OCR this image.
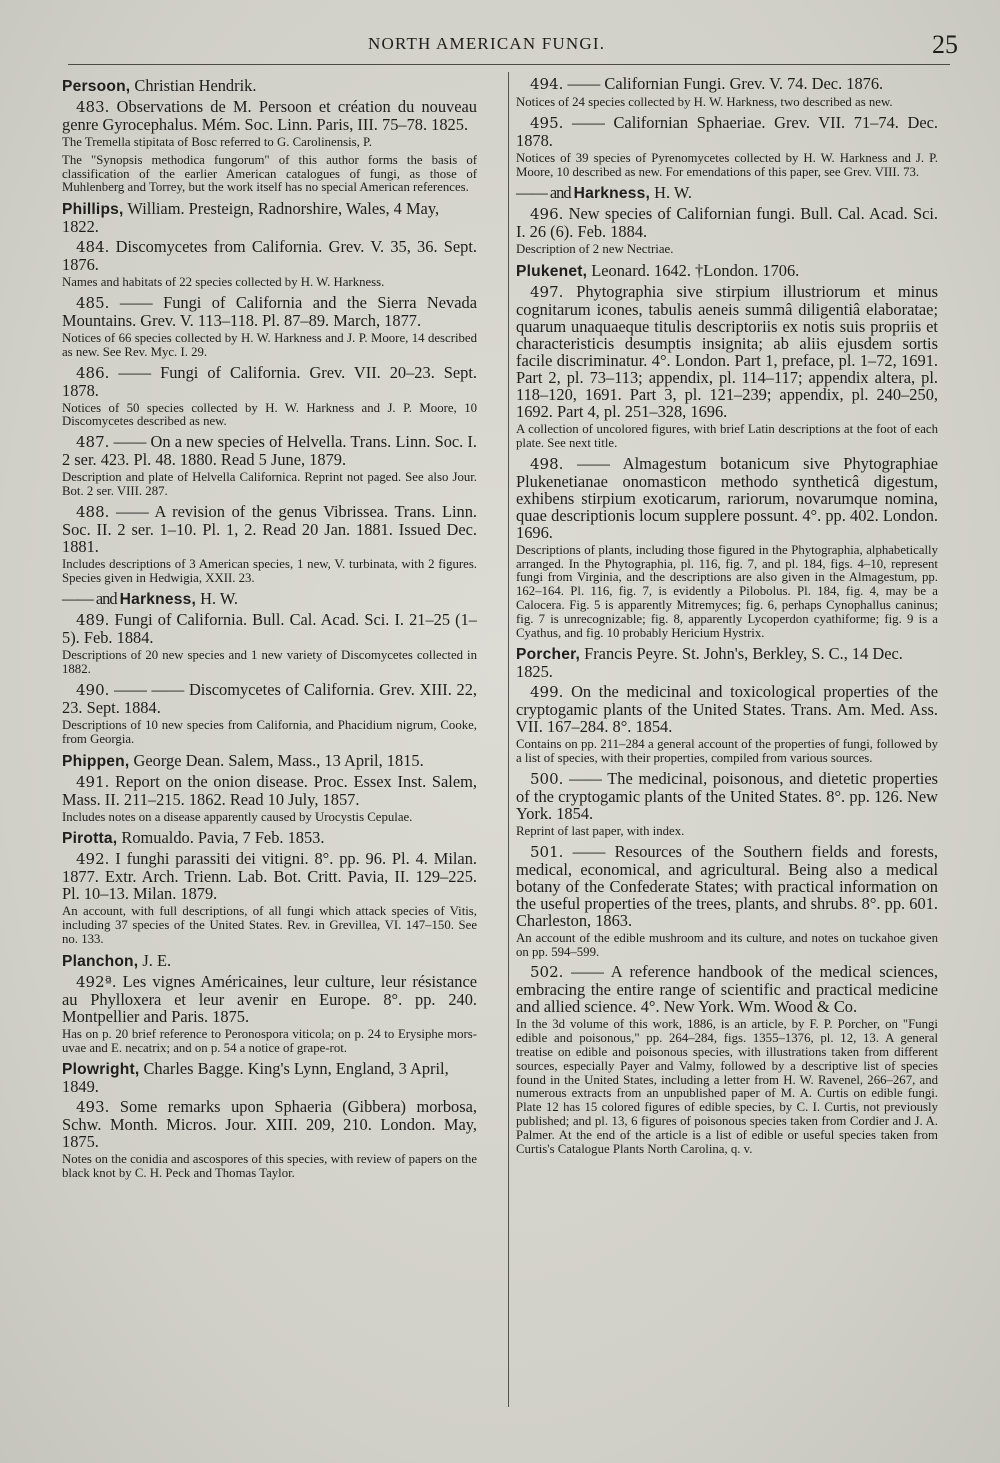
NORTH AMERICAN FUNGI.	25

Persoon, Christian Hendrik.

483. Observations de M. Persoon et création du nouveau genre Gyrocephalus. Mém. Soc. Linn. Paris, III. 75–78. 1825.

The Tremella stipitata of Bosc referred to G. Carolinensis, P.

The "Synopsis methodica fungorum" of this author forms the basis of classification of the earlier American catalogues of fungi, as those of Muhlenberg and Torrey, but the work itself has no special American references.

Phillips, William. Presteign, Radnorshire, Wales, 4 May, 1822.

484. Discomycetes from California. Grev. V. 35, 36. Sept. 1876.

Names and habitats of 22 species collected by H. W. Harkness.

485. —— Fungi of California and the Sierra Nevada Mountains. Grev. V. 113–118. Pl. 87–89. March, 1877.

Notices of 66 species collected by H. W. Harkness and J. P. Moore, 14 described as new. See Rev. Myc. I. 29.

486. —— Fungi of California. Grev. VII. 20–23. Sept. 1878.

Notices of 50 species collected by H. W. Harkness and J. P. Moore, 10 Discomycetes described as new.

487. —— On a new species of Helvella. Trans. Linn. Soc. I. 2 ser. 423. Pl. 48. 1880. Read 5 June, 1879.

Description and plate of Helvella Californica. Reprint not paged. See also Jour. Bot. 2 ser. VIII. 287.

488. —— A revision of the genus Vibrissea. Trans. Linn. Soc. II. 2 ser. 1–10. Pl. 1, 2. Read 20 Jan. 1881. Issued Dec. 1881.

Includes descriptions of 3 American species, 1 new, V. turbinata, with 2 figures. Species given in Hedwigia, XXII. 23.

—— and Harkness, H. W.

489. Fungi of California. Bull. Cal. Acad. Sci. I. 21–25 (1–5). Feb. 1884.

Descriptions of 20 new species and 1 new variety of Discomycetes collected in 1882.

490. —— —— Discomycetes of California. Grev. XIII. 22, 23. Sept. 1884.

Descriptions of 10 new species from California, and Phacidium nigrum, Cooke, from Georgia.

Phippen, George Dean. Salem, Mass., 13 April, 1815.

491. Report on the onion disease. Proc. Essex Inst. Salem, Mass. II. 211–215. 1862. Read 10 July, 1857.

Includes notes on a disease apparently caused by Urocystis Cepulae.

Pirotta, Romualdo. Pavia, 7 Feb. 1853.

492. I funghi parassiti dei vitigni. 8°. pp. 96. Pl. 4. Milan. 1877. Extr. Arch. Trienn. Lab. Bot. Critt. Pavia, II. 129–225. Pl. 10–13. Milan. 1879.

An account, with full descriptions, of all fungi which attack species of Vitis, including 37 species of the United States. Rev. in Grevillea, VI. 147–150. See no. 133.

Planchon, J. E.

492ª. Les vignes Américaines, leur culture, leur résistance au Phylloxera et leur avenir en Europe. 8°. pp. 240. Montpellier and Paris. 1875.

Has on p. 20 brief reference to Peronospora viticola; on p. 24 to Erysiphe mors-uvae and E. necatrix; and on p. 54 a notice of grape-rot.

Plowright, Charles Bagge. King's Lynn, England, 3 April, 1849.

493. Some remarks upon Sphaeria (Gibbera) morbosa, Schw. Month. Micros. Jour. XIII. 209, 210. London. May, 1875.

Notes on the conidia and ascospores of this species, with review of papers on the black knot by C. H. Peck and Thomas Taylor.

494. —— Californian Fungi. Grev. V. 74. Dec. 1876.

Notices of 24 species collected by H. W. Harkness, two described as new.

495. —— Californian Sphaeriae. Grev. VII. 71–74. Dec. 1878.

Notices of 39 species of Pyrenomycetes collected by H. W. Harkness and J. P. Moore, 10 described as new. For emendations of this paper, see Grev. VIII. 73.

—— and Harkness, H. W.

496. New species of Californian fungi. Bull. Cal. Acad. Sci. I. 26 (6). Feb. 1884.

Description of 2 new Nectriae.

Plukenet, Leonard. 1642. †London. 1706.

497. Phytographia sive stirpium illustriorum et minus cognitarum icones, tabulis aeneis summâ diligentiâ elaboratae; quarum unaquaeque titulis descriptoriis ex notis suis propriis et characteristicis desumptis insignita; ab aliis ejusdem sortis facile discriminatur. 4°. London. Part 1, preface, pl. 1–72, 1691. Part 2, pl. 73–113; appendix, pl. 114–117; appendix altera, pl. 118–120, 1691. Part 3, pl. 121–239; appendix, pl. 240–250, 1692. Part 4, pl. 251–328, 1696.

A collection of uncolored figures, with brief Latin descriptions at the foot of each plate. See next title.

498. —— Almagestum botanicum sive Phytographiae Plukenetianae onomasticon methodo syntheticâ digestum, exhibens stirpium exoticarum, rariorum, novarumque nomina, quae descriptionis locum supplere possunt. 4°. pp. 402. London. 1696.

Descriptions of plants, including those figured in the Phytographia, alphabetically arranged. In the Phytographia, pl. 116, fig. 7, and pl. 184, figs. 4–10, represent fungi from Virginia, and the descriptions are also given in the Almagestum, pp. 162–164. Pl. 116, fig. 7, is evidently a Pilobolus. Pl. 184, fig. 4, may be a Calocera. Fig. 5 is apparently Mitremyces; fig. 6, perhaps Cynophallus caninus; fig. 7 is unrecognizable; fig. 8, apparently Lycoperdon cyathiforme; fig. 9 is a Cyathus, and fig. 10 probably Hericium Hystrix.

Porcher, Francis Peyre. St. John's, Berkley, S. C., 14 Dec. 1825.

499. On the medicinal and toxicological properties of the cryptogamic plants of the United States. Trans. Am. Med. Ass. VII. 167–284. 8°. 1854.

Contains on pp. 211–284 a general account of the properties of fungi, followed by a list of species, with their properties, compiled from various sources.

500. —— The medicinal, poisonous, and dietetic properties of the cryptogamic plants of the United States. 8°. pp. 126. New York. 1854.

Reprint of last paper, with index.

501. —— Resources of the Southern fields and forests, medical, economical, and agricultural. Being also a medical botany of the Confederate States; with practical information on the useful properties of the trees, plants, and shrubs. 8°. pp. 601. Charleston, 1863.

An account of the edible mushroom and its culture, and notes on tuckahoe given on pp. 594–599.

502. —— A reference handbook of the medical sciences, embracing the entire range of scientific and practical medicine and allied science. 4°. New York. Wm. Wood & Co.

In the 3d volume of this work, 1886, is an article, by F. P. Porcher, on "Fungi edible and poisonous," pp. 264–284, figs. 1355–1376, pl. 12, 13. A general treatise on edible and poisonous species, with illustrations taken from different sources, especially Payer and Valmy, followed by a descriptive list of species found in the United States, including a letter from H. W. Ravenel, 266–267, and numerous extracts from an unpublished paper of M. A. Curtis on edible fungi. Plate 12 has 15 colored figures of edible species, by C. I. Curtis, not previously published; and pl. 13, 6 figures of poisonous species taken from Cordier and J. A. Palmer. At the end of the article is a list of edible or useful species taken from Curtis's Catalogue Plants North Carolina, q. v.
